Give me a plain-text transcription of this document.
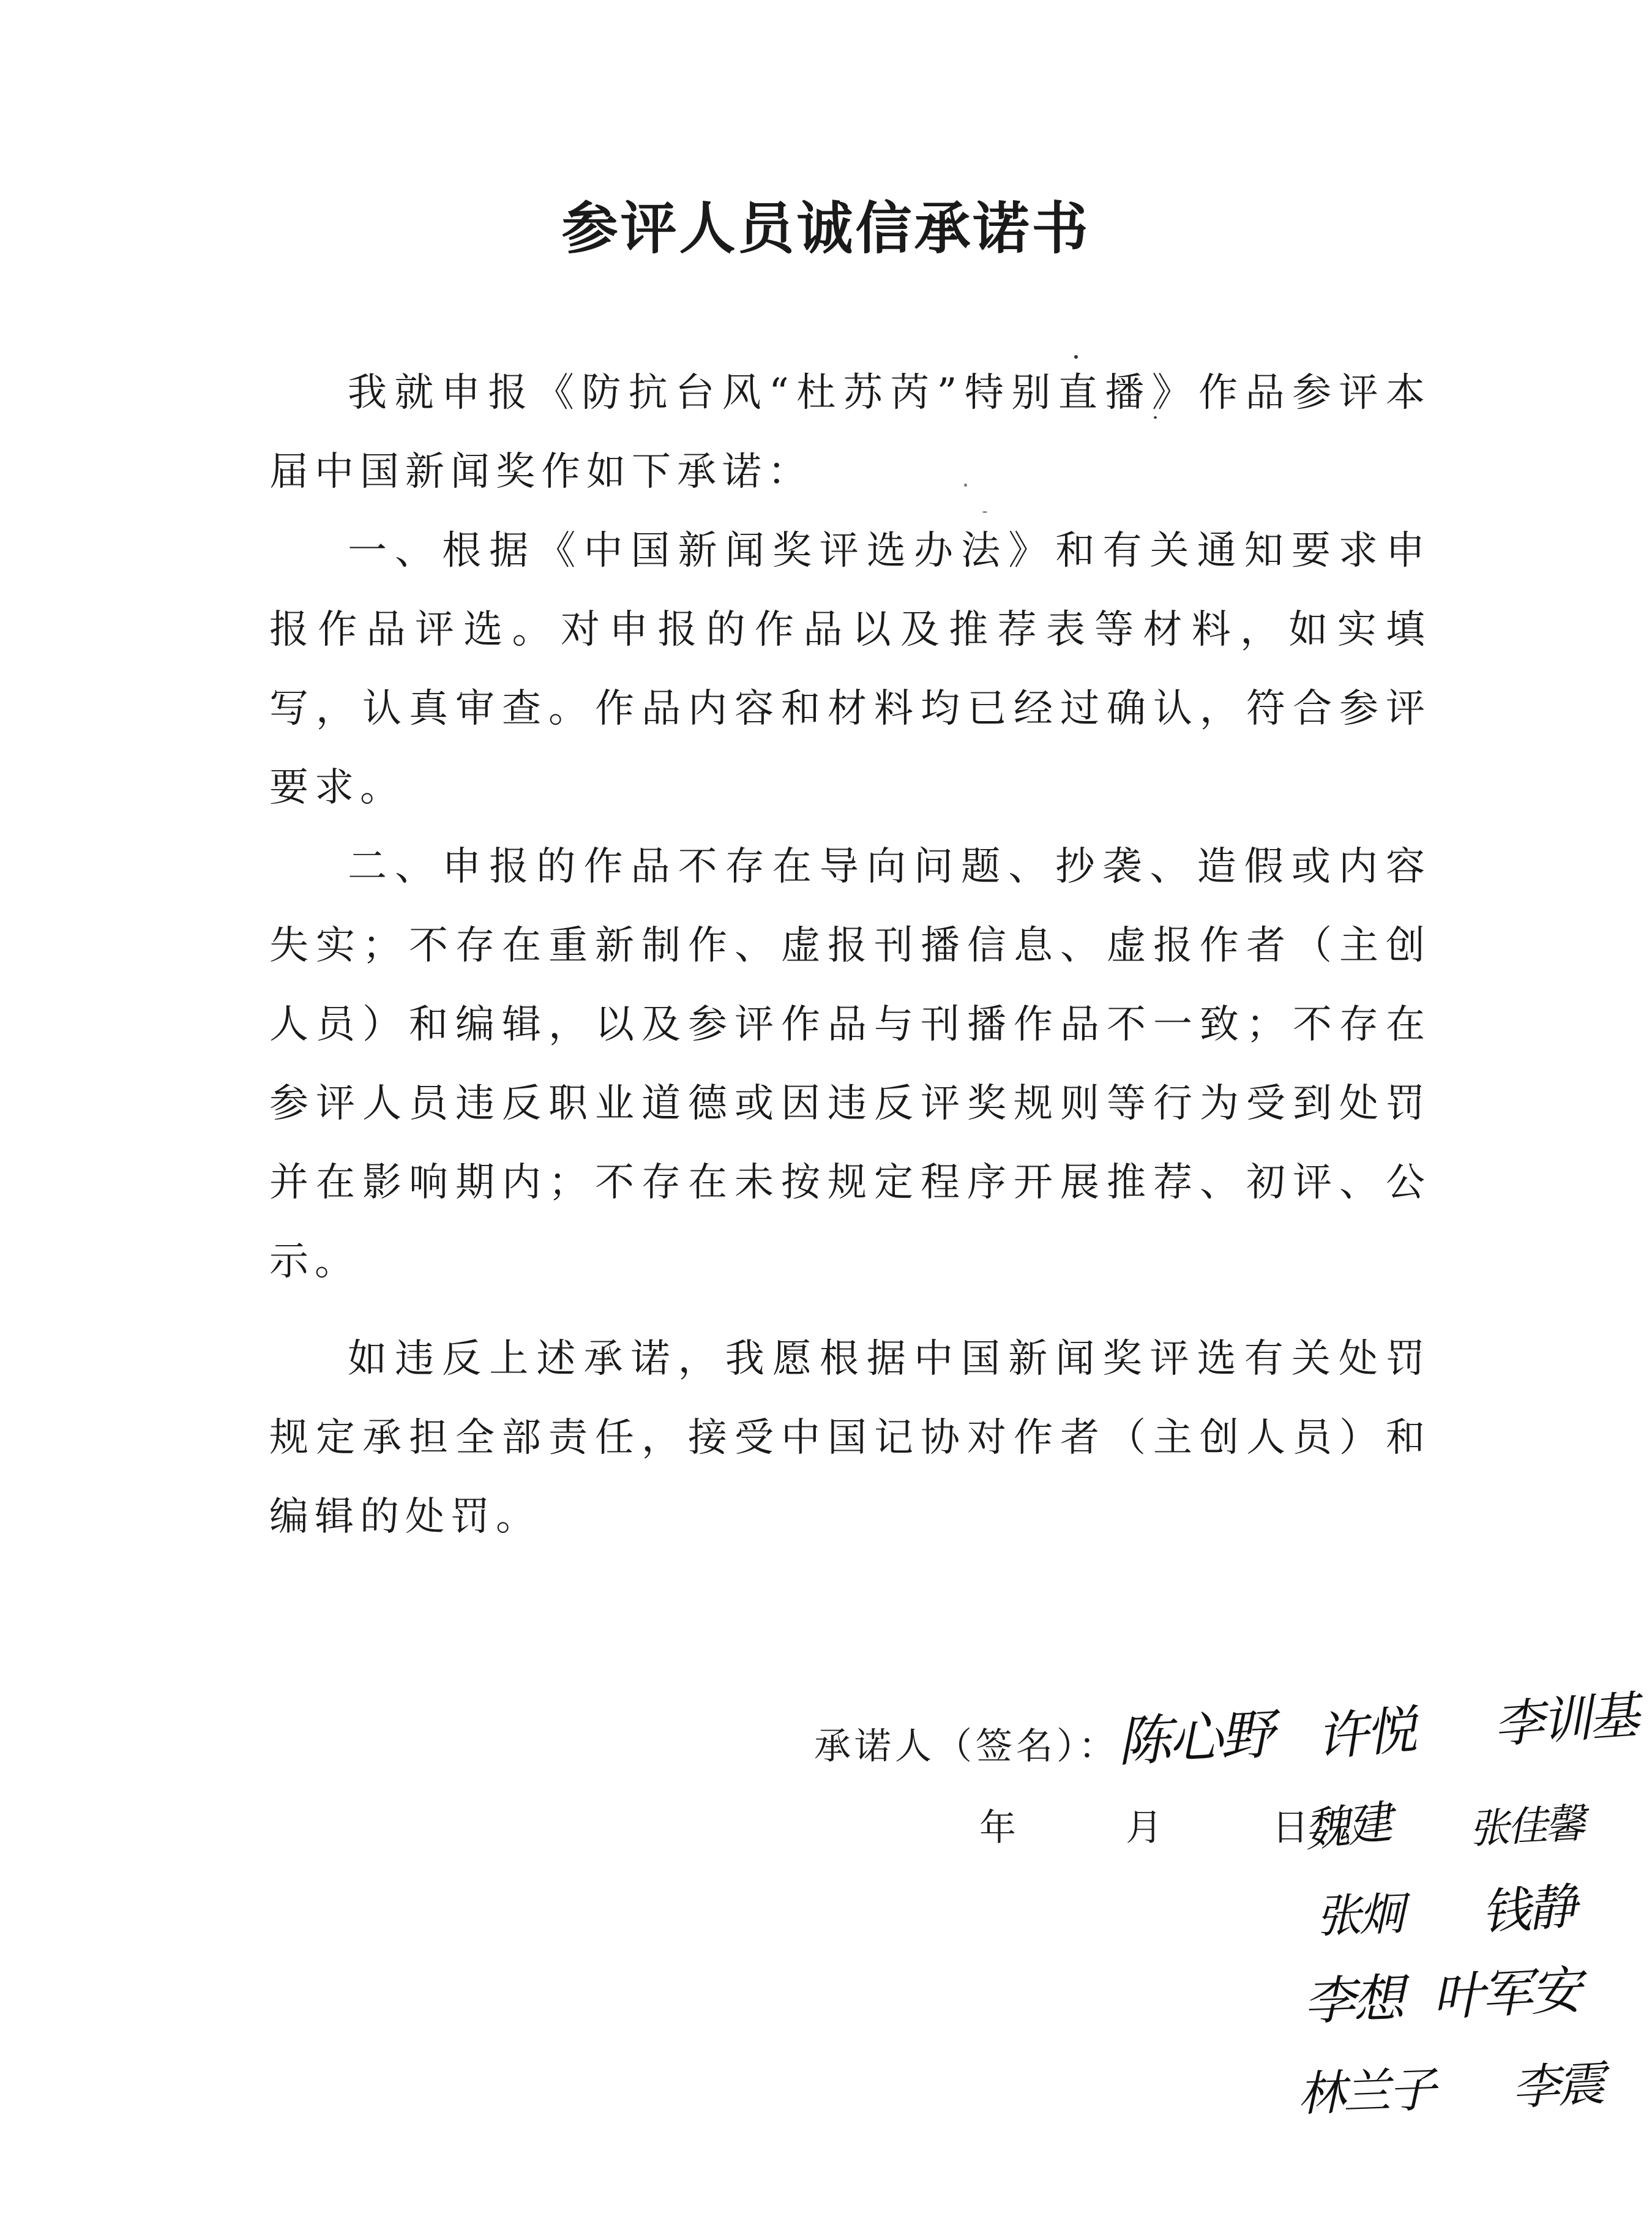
参评人员诚信承诺书

我就申报《防抗台风“杜苏芮”特别直播》作品参评本届中国新闻奖作如下承诺：

一、根据《中国新闻奖评选办法》和有关通知要求申报作品评选。对申报的作品以及推荐表等材料，如实填写，认真审查。作品内容和材料均已经过确认，符合参评要求。

二、申报的作品不存在导向问题、抄袭、造假或内容失实；不存在重新制作、虚报刊播信息、虚报作者（主创人员）和编辑，以及参评作品与刊播作品不一致；不存在参评人员违反职业道德或因违反评奖规则等行为受到处罚并在影响期内；不存在未按规定程序开展推荐、初评、公示。

如违反上述承诺，我愿根据中国新闻奖评选有关处罚规定承担全部责任，接受中国记协对作者（主创人员）和编辑的处罚。

承诺人（签名）：
年	月	日
陈心野 许悦 李训基
魏建 张佳馨
张炯 钱静
李想 叶军安
林兰子 李震
